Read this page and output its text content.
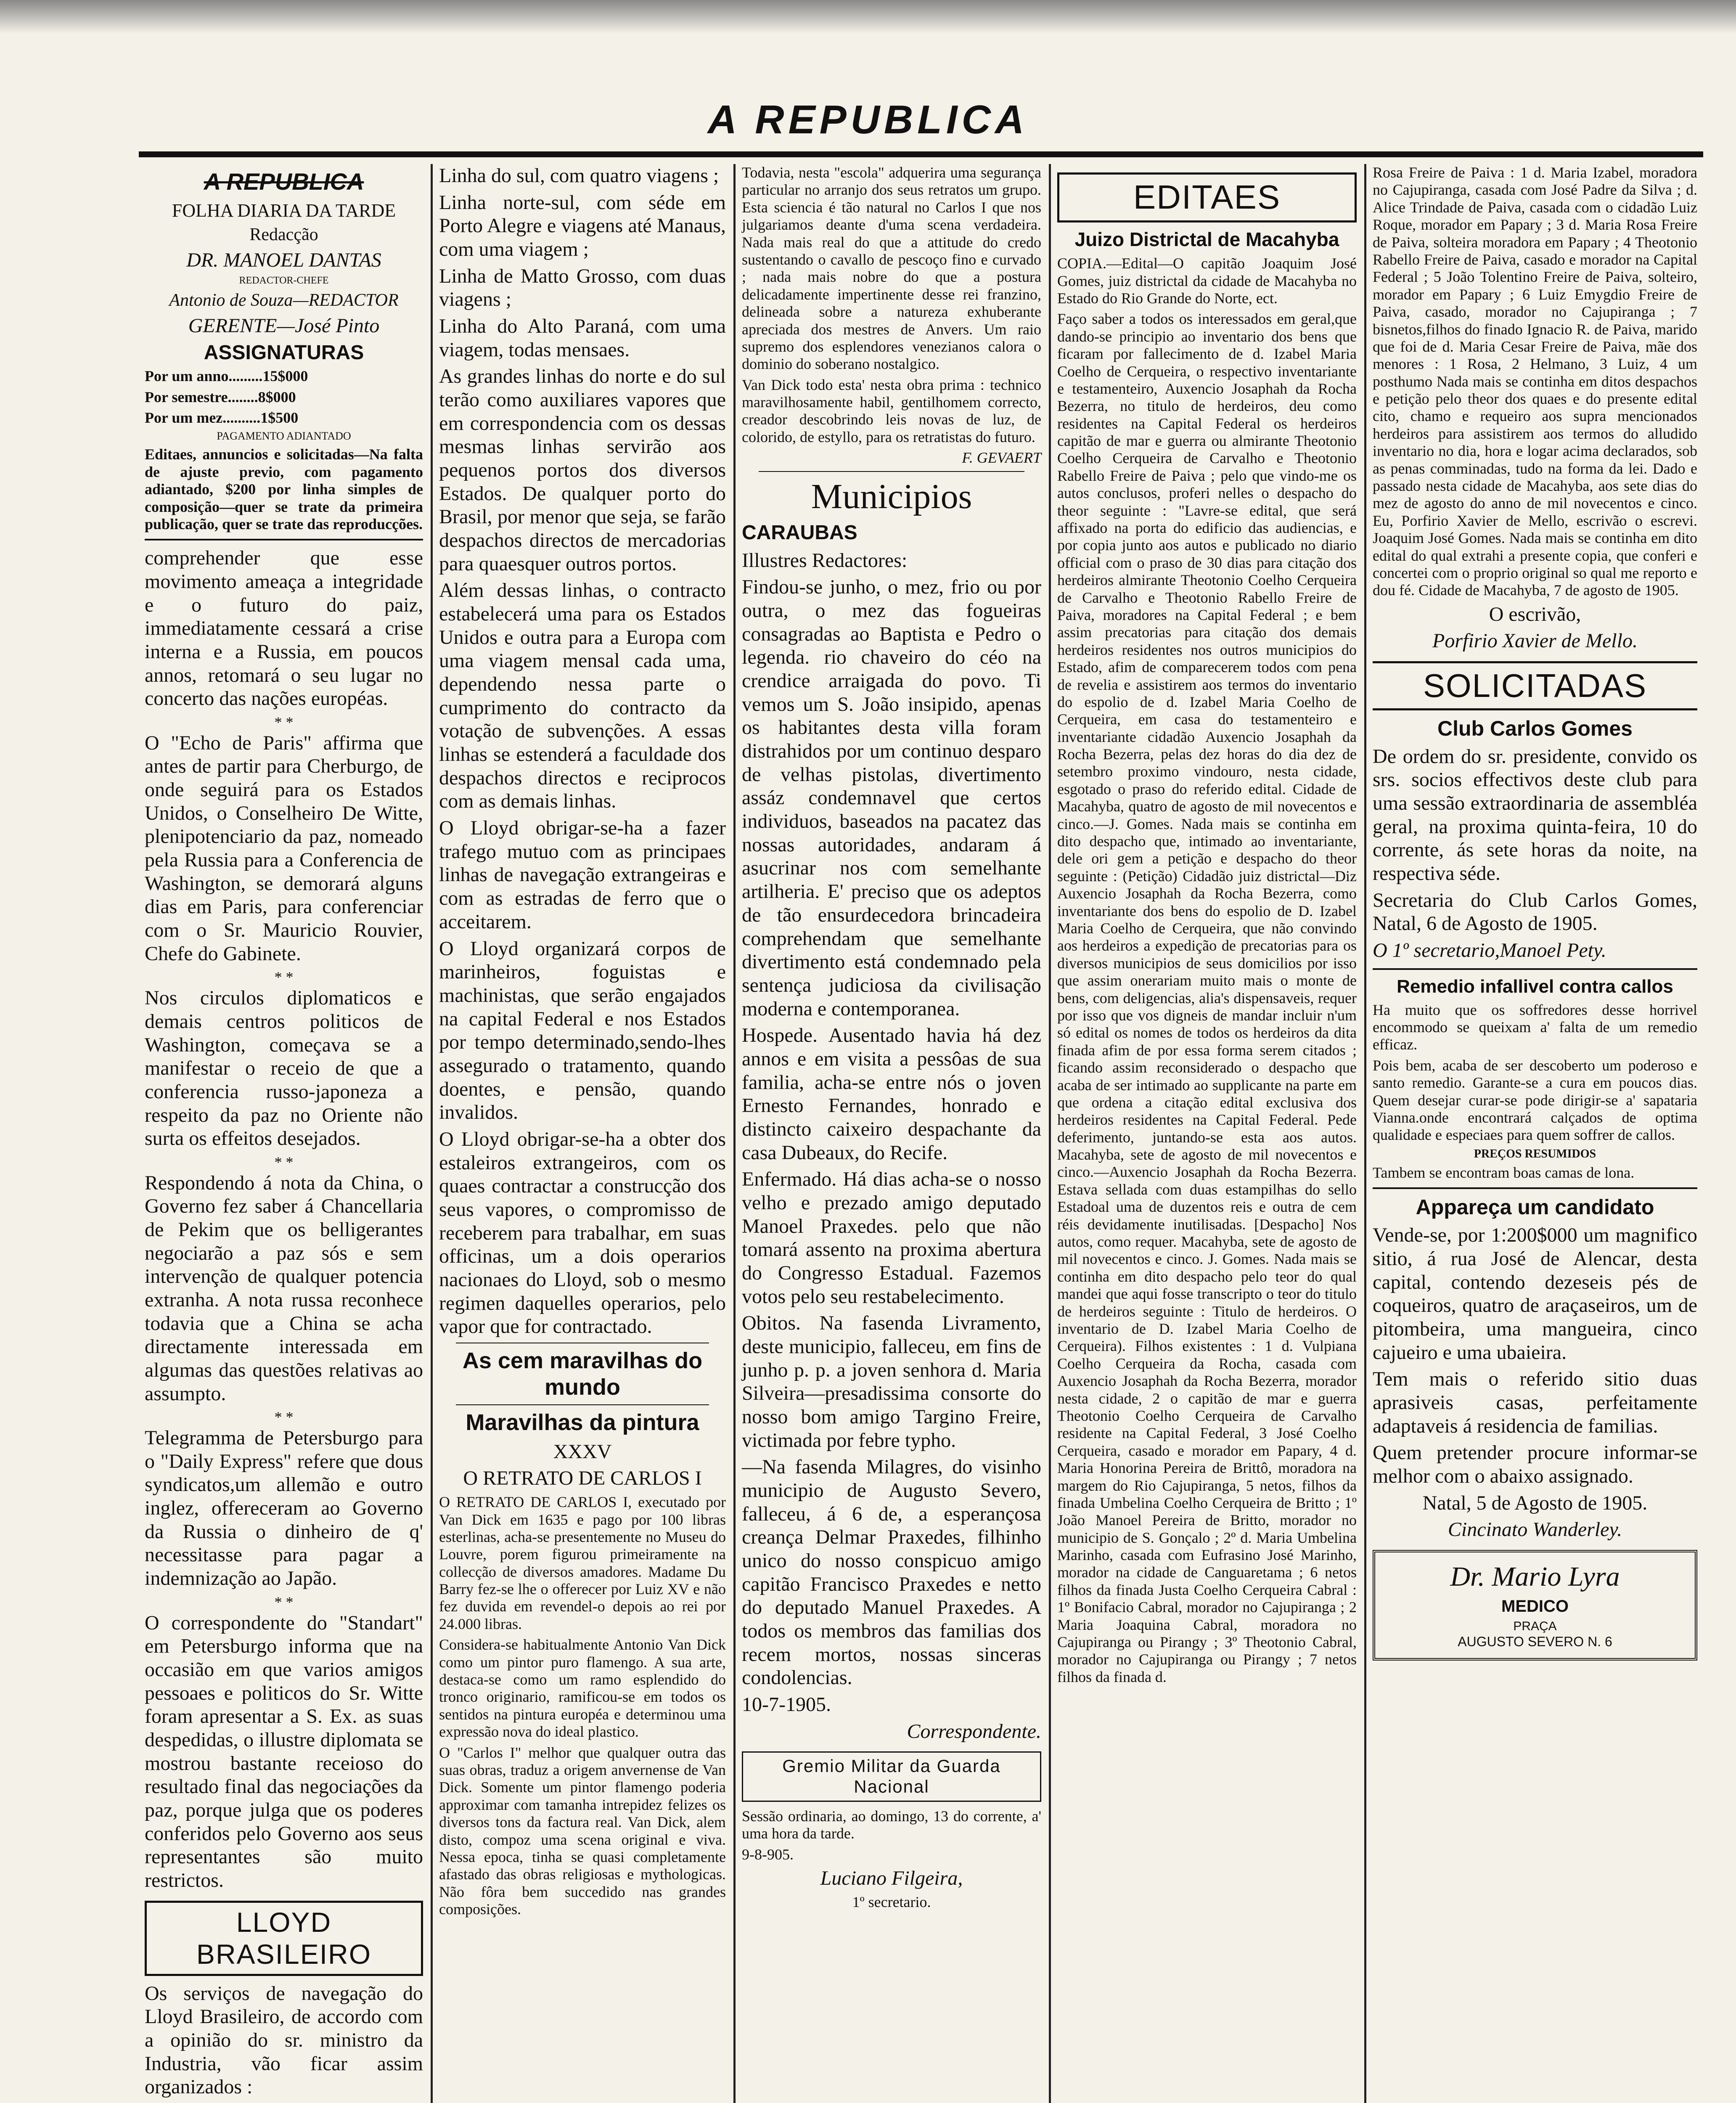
A REPUBLICA
A REPUBLICA

FOLHA DIARIA DA TARDE

Redacção

DR. MANOEL DANTAS

REDACTOR-CHEFE

Antonio de Souza—REDACTOR

GERENTE—José Pinto

ASSIGNATURAS

Por um anno.........15$000

Por semestre........8$000

Por um mez..........1$500

PAGAMENTO ADIANTADO

Editaes, annuncios e solicitadas—Na falta de ajuste previo, com pagamento adiantado, $200 por linha simples de composição—quer se trate da primeira publicação, quer se trate das reproducções.

comprehender que esse movimento ameaça a integridade e o futuro do paiz, immediatamente cessará a crise interna e a Russia, em poucos annos, retomará o seu lugar no concerto das nações européas.

* *

O "Echo de Paris" affirma que antes de partir para Cherburgo, de onde seguirá para os Estados Unidos, o Conselheiro De Witte, plenipotenciario da paz, nomeado pela Russia para a Conferencia de Washington, se demorará alguns dias em Paris, para conferenciar com o Sr. Mauricio Rouvier, Chefe do Gabinete.

* *

Nos circulos diplomaticos e demais centros politicos de Washington, começava se a manifestar o receio de que a conferencia russo-japoneza a respeito da paz no Oriente não surta os effeitos desejados.

* *

Respondendo á nota da China, o Governo fez saber á Chancellaria de Pekim que os belligerantes negociarão a paz sós e sem intervenção de qualquer potencia extranha. A nota russa reconhece todavia que a China se acha directamente interessada em algumas das questões relativas ao assumpto.

* *

Telegramma de Petersburgo para o "Daily Express" refere que dous syndicatos,um allemão e outro inglez, offereceram ao Governo da Russia o dinheiro de q' necessitasse para pagar a indemnização ao Japão.

* *

O correspondente do "Standart" em Petersburgo informa que na occasião em que varios amigos pessoaes e politicos do Sr. Witte foram apresentar a S. Ex. as suas despedidas, o illustre diplomata se mostrou bastante receioso do resultado final das negociações da paz, porque julga que os poderes conferidos pelo Governo aos seus representantes são muito restrictos.

LLOYD BRASILEIRO

Os serviços de navegação do Lloyd Brasileiro, de accordo com a opinião do sr. ministro da Industria, vão ficar assim organizados :

Linha do sul, com quatro viagens ;

Linha norte-sul, com séde em Porto Alegre e viagens até Manaus, com uma viagem ;

Linha de Matto Grosso, com duas viagens ;

Linha do Alto Paraná, com uma viagem, todas mensaes.

As grandes linhas do norte e do sul terão como auxiliares vapores que em correspondencia com os dessas mesmas linhas servirão aos pequenos portos dos diversos Estados. De qualquer porto do Brasil, por menor que seja, se farão despachos directos de mercadorias para quaesquer outros portos.

Além dessas linhas, o contracto estabelecerá uma para os Estados Unidos e outra para a Europa com uma viagem mensal cada uma, dependendo nessa parte o cumprimento do contracto da votação de subvenções. A essas linhas se estenderá a faculdade dos despachos directos e reciprocos com as demais linhas.

O Lloyd obrigar-se-ha a fazer trafego mutuo com as principaes linhas de navegação extrangeiras e com as estradas de ferro que o acceitarem.

O Lloyd organizará corpos de marinheiros, foguistas e machinistas, que serão engajados na capital Federal e nos Estados por tempo determinado,sendo-lhes assegurado o tratamento, quando doentes, e pensão, quando invalidos.

O Lloyd obrigar-se-ha a obter dos estaleiros extrangeiros, com os quaes contractar a construcção dos seus vapores, o compromisso de receberem para trabalhar, em suas officinas, um a dois operarios nacionaes do Lloyd, sob o mesmo regimen daquelles operarios, pelo vapor que for contractado.

As cem maravilhas do mundo

Maravilhas da pintura

XXXV

O RETRATO DE CARLOS I

O RETRATO DE CARLOS I, executado por Van Dick em 1635 e pago por 100 libras esterlinas, acha-se presentemente no Museu do Louvre, porem figurou primeiramente na collecção de diversos amadores. Madame Du Barry fez-se lhe o offerecer por Luiz XV e não fez duvida em revendel-o depois ao rei por 24.000 libras.

Considera-se habitualmente Antonio Van Dick como um pintor puro flamengo. A sua arte, destaca-se como um ramo esplendido do tronco originario, ramificou-se em todos os sentidos na pintura européa e determinou uma expressão nova do ideal plastico.

O "Carlos I" melhor que qualquer outra das suas obras, traduz a origem anvernense de Van Dick. Somente um pintor flamengo poderia approximar com tamanha intrepidez felizes os diversos tons da factura real. Van Dick, alem disto, compoz uma scena original e viva. Nessa epoca, tinha se quasi completamente afastado das obras religiosas e mythologicas. Não fôra bem succedido nas grandes composições.

Todavia, nesta "escola" adquerira uma segurança particular no arranjo dos seus retratos um grupo. Esta sciencia é tão natural no Carlos I que nos julgariamos deante d'uma scena verdadeira. Nada mais real do que a attitude do credo sustentando o cavallo de pescoço fino e curvado ; nada mais nobre do que a postura delicadamente impertinente desse rei franzino, delineada sobre a natureza exhuberante apreciada dos mestres de Anvers. Um raio supremo dos esplendores venezianos calora o dominio do soberano nostalgico.

Van Dick todo esta' nesta obra prima : technico maravilhosamente habil, gentilhomem correcto, creador descobrindo leis novas de luz, de colorido, de estyllo, para os retratistas do futuro.

F. GEVAERT

Municipios

CARAUBAS

Illustres Redactores:

Findou-se junho, o mez, frio ou por outra, o mez das fogueiras consagradas ao Baptista e Pedro o legenda. rio chaveiro do céo na crendice arraigada do povo. Ti vemos um S. João insipido, apenas os habitantes desta villa foram distrahidos por um continuo desparo de velhas pistolas, divertimento assáz condemnavel que certos individuos, baseados na pacatez das nossas autoridades, andaram á asucrinar nos com semelhante artilheria. E' preciso que os adeptos de tão ensurdecedora brincadeira comprehendam que semelhante divertimento está condemnado pela sentença judiciosa da civilisação moderna e contemporanea.

Hospede. Ausentado havia há dez annos e em visita a pessôas de sua familia, acha-se entre nós o joven Ernesto Fernandes, honrado e distincto caixeiro despachante da casa Dubeaux, do Recife.

Enfermado. Há dias acha-se o nosso velho e prezado amigo deputado Manoel Praxedes. pelo que não tomará assento na proxima abertura do Congresso Estadual. Fazemos votos pelo seu restabelecimento.

Obitos. Na fasenda Livramento, deste municipio, falleceu, em fins de junho p. p. a joven senhora d. Maria Silveira—presadissima consorte do nosso bom amigo Targino Freire, victimada por febre typho.

—Na fasenda Milagres, do visinho municipio de Augusto Severo, falleceu, á 6 de, a esperançosa creança Delmar Praxedes, filhinho unico do nosso conspicuo amigo capitão Francisco Praxedes e netto do deputado Manuel Praxedes. A todos os membros das familias dos recem mortos, nossas sinceras condolencias.

10-7-1905.

Correspondente.

Gremio Militar da Guarda Nacional

Sessão ordinaria, ao domingo, 13 do corrente, a' uma hora da tarde.

9-8-905.

Luciano Filgeira,

1º secretario.

EDITAES

Juizo Districtal de Macahyba

COPIA.—Edital—O capitão Joaquim José Gomes, juiz districtal da cidade de Macahyba no Estado do Rio Grande do Norte, ect.

Faço saber a todos os interessados em geral,que dando-se principio ao inventario dos bens que ficaram por fallecimento de d. Izabel Maria Coelho de Cerqueira, o respectivo inventariante e testamenteiro, Auxencio Josaphah da Rocha Bezerra, no titulo de herdeiros, deu como residentes na Capital Federal os herdeiros capitão de mar e guerra ou almirante Theotonio Coelho Cerqueira de Carvalho e Theotonio Rabello Freire de Paiva ; pelo que vindo-me os autos conclusos, proferi nelles o despacho do theor seguinte : "Lavre-se edital, que será affixado na porta do edificio das audiencias, e por copia junto aos autos e publicado no diario official com o praso de 30 dias para citação dos herdeiros almirante Theotonio Coelho Cerqueira de Carvalho e Theotonio Rabello Freire de Paiva, moradores na Capital Federal ; e bem assim precatorias para citação dos demais herdeiros residentes nos outros municipios do Estado, afim de comparecerem todos com pena de revelia e assistirem aos termos do inventario do espolio de d. Izabel Maria Coelho de Cerqueira, em casa do testamenteiro e inventariante cidadão Auxencio Josaphah da Rocha Bezerra, pelas dez horas do dia dez de setembro proximo vindouro, nesta cidade, esgotado o praso do referido edital. Cidade de Macahyba, quatro de agosto de mil novecentos e cinco.—J. Gomes. Nada mais se continha em dito despacho que, intimado ao inventariante, dele ori gem a petição e despacho do theor seguinte : (Petição) Cidadão juiz districtal—Diz Auxencio Josaphah da Rocha Bezerra, como inventariante dos bens do espolio de D. Izabel Maria Coelho de Cerqueira, que não convindo aos herdeiros a expedição de precatorias para os diversos municipios de seus domicilios por isso que assim onerariam muito mais o monte de bens, com deligencias, alia's dispensaveis, requer por isso que vos digneis de mandar incluir n'um só edital os nomes de todos os herdeiros da dita finada afim de por essa forma serem citados ; ficando assim reconsiderado o despacho que acaba de ser intimado ao supplicante na parte em que ordena a citação edital exclusiva dos herdeiros residentes na Capital Federal. Pede deferimento, juntando-se esta aos autos. Macahyba, sete de agosto de mil novecentos e cinco.—Auxencio Josaphah da Rocha Bezerra. Estava sellada com duas estampilhas do sello Estadoal uma de duzentos reis e outra de cem réis devidamente inutilisadas. [Despacho] Nos autos, como requer. Macahyba, sete de agosto de mil novecentos e cinco. J. Gomes. Nada mais se continha em dito despacho pelo teor do qual mandei que aqui fosse transcripto o teor do titulo de herdeiros seguinte : Titulo de herdeiros. O inventario de D. Izabel Maria Coelho de Cerqueira). Filhos existentes : 1 d. Vulpiana Coelho Cerqueira da Rocha, casada com Auxencio Josaphah da Rocha Bezerra, morador nesta cidade, 2 o capitão de mar e guerra Theotonio Coelho Cerqueira de Carvalho residente na Capital Federal, 3 José Coelho Cerqueira, casado e morador em Papary, 4 d. Maria Honorina Pereira de Brittô, moradora na margem do Rio Cajupiranga, 5 netos, filhos da finada Umbelina Coelho Cerqueira de Britto ; 1º João Manoel Pereira de Britto, morador no municipio de S. Gonçalo ; 2º d. Maria Umbelina Marinho, casada com Eufrasino José Marinho, morador na cidade de Canguaretama ; 6 netos filhos da finada Justa Coelho Cerqueira Cabral : 1º Bonifacio Cabral, morador no Cajupiranga ; 2 Maria Joaquina Cabral, moradora no Cajupiranga ou Pirangy ; 3º Theotonio Cabral, morador no Cajupiranga ou Pirangy ; 7 netos filhos da finada d.

Rosa Freire de Paiva : 1 d. Maria Izabel, moradora no Cajupiranga, casada com José Padre da Silva ; d. Alice Trindade de Paiva, casada com o cidadão Luiz Roque, morador em Papary ; 3 d. Maria Rosa Freire de Paiva, solteira moradora em Papary ; 4 Theotonio Rabello Freire de Paiva, casado e morador na Capital Federal ; 5 João Tolentino Freire de Paiva, solteiro, morador em Papary ; 6 Luiz Emygdio Freire de Paiva, casado, morador no Cajupiranga ; 7 bisnetos,filhos do finado Ignacio R. de Paiva, marido que foi de d. Maria Cesar Freire de Paiva, mãe dos menores : 1 Rosa, 2 Helmano, 3 Luiz, 4 um posthumo Nada mais se continha em ditos despachos e petição pelo theor dos quaes e do presente edital cito, chamo e requeiro aos supra mencionados herdeiros para assistirem aos termos do alludido inventario no dia, hora e logar acima declarados, sob as penas comminadas, tudo na forma da lei. Dado e passado nesta cidade de Macahyba, aos sete dias do mez de agosto do anno de mil novecentos e cinco. Eu, Porfirio Xavier de Mello, escrivão o escrevi. Joaquim José Gomes. Nada mais se continha em dito edital do qual extrahi a presente copia, que conferi e concertei com o proprio original so qual me reporto e dou fé. Cidade de Macahyba, 7 de agosto de 1905.

O escrivão,

Porfirio Xavier de Mello.

SOLICITADAS

Club Carlos Gomes

De ordem do sr. presidente, convido os srs. socios effectivos deste club para uma sessão extraordinaria de assembléa geral, na proxima quinta-feira, 10 do corrente, ás sete horas da noite, na respectiva séde.

Secretaria do Club Carlos Gomes, Natal, 6 de Agosto de 1905.

O 1º secretario,Manoel Pety.

Remedio infallivel contra callos

Ha muito que os soffredores desse horrivel encommodo se queixam a' falta de um remedio efficaz.

Pois bem, acaba de ser descoberto um poderoso e santo remedio. Garante-se a cura em poucos dias. Quem desejar curar-se pode dirigir-se a' sapataria Vianna.onde encontrará calçados de optima qualidade e especiaes para quem soffrer de callos.

PREÇOS RESUMIDOS

Tambem se encontram boas camas de lona.

Appareça um candidato

Vende-se, por 1:200$000 um magnifico sitio, á rua José de Alencar, desta capital, contendo dezeseis pés de coqueiros, quatro de araçaseiros, um de pitombeira, uma mangueira, cinco cajueiro e uma ubaieira.

Tem mais o referido sitio duas aprasiveis casas, perfeitamente adaptaveis á residencia de familias.

Quem pretender procure informar-se melhor com o abaixo assignado.

Natal, 5 de Agosto de 1905.

Cincinato Wanderley.

Dr. Mario Lyra

MEDICO

PRAÇA

AUGUSTO SEVERO N. 6
